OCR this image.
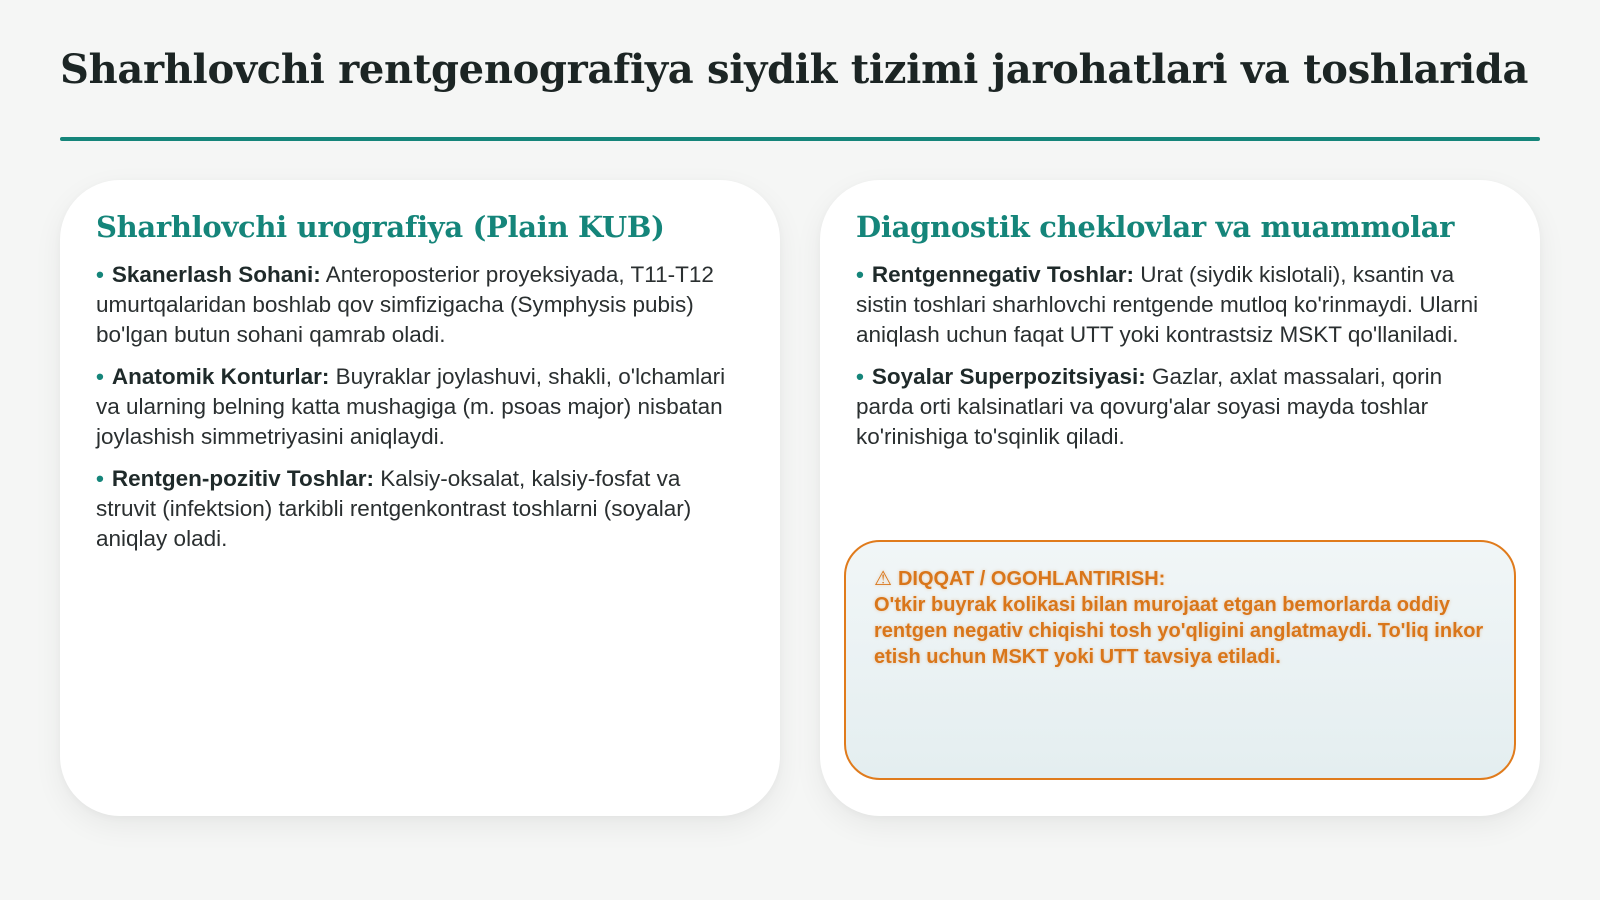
Sharhlovchi rentgenografiya siydik tizimi jarohatlari va toshlarida
Sharhlovchi urografiya (Plain KUB)
• Skanerlash Sohani: Anteroposterior proyeksiyada, T11-T12 umurtqalaridan boshlab qov simfizigacha (Symphysis pubis) bo'lgan butun sohani qamrab oladi.
• Anatomik Konturlar: Buyraklar joylashuvi, shakli, o'lchamlari va ularning belning katta mushagiga (m. psoas major) nisbatan joylashish simmetriyasini aniqlaydi.
• Rentgen-pozitiv Toshlar: Kalsiy-oksalat, kalsiy-fosfat va struvit (infektsion) tarkibli rentgenkontrast toshlarni (soyalar) aniqlay oladi.
Diagnostik cheklovlar va muammolar
• Rentgennegativ Toshlar: Urat (siydik kislotali), ksantin va sistin toshlari sharhlovchi rentgende mutloq ko'rinmaydi. Ularni aniqlash uchun faqat UTT yoki kontrastsiz MSKT qo'llaniladi.
• Soyalar Superpozitsiyasi: Gazlar, axlat massalari, qorin parda orti kalsinatlari va qovurg'alar soyasi mayda toshlar ko'rinishiga to'sqinlik qiladi.
⚠ DIQQAT / OGOHLANTIRISH:
O'tkir buyrak kolikasi bilan murojaat etgan bemorlarda oddiy rentgen negativ chiqishi tosh yo'qligini anglatmaydi. To'liq inkor etish uchun MSKT yoki UTT tavsiya etiladi.
